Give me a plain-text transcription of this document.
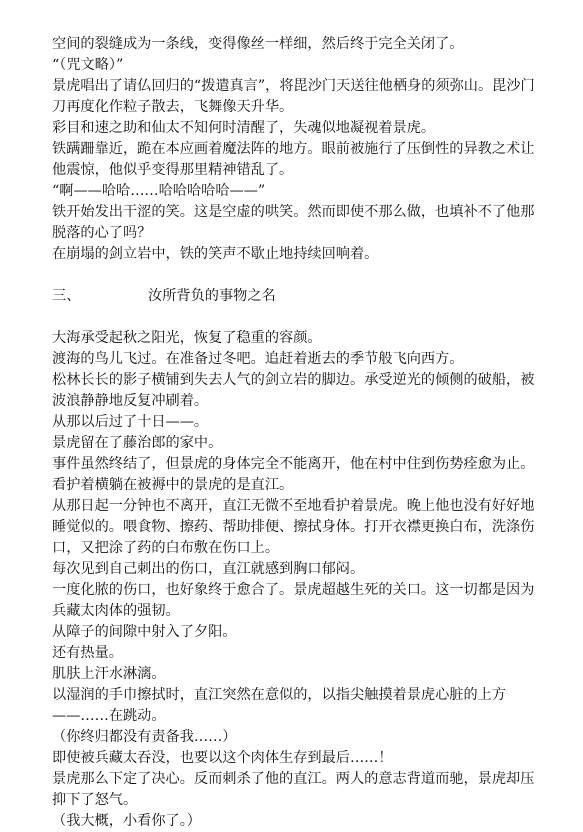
空间的裂缝成为一条线，变得像丝一样细，然后终于完全关闭了。

“（咒文略）”

景虎唱出了请仏回归的“拨遣真言”，将毘沙门天送往他栖身的须弥山。毘沙门刀再度化作粒子散去，飞舞像天升华。

彩目和速之助和仙太不知何时清醒了，失魂似地凝视着景虎。

铁蹒跚靠近，跪在本应画着魔法阵的地方。眼前被施行了压倒性的异教之术让他震惊，他似乎变得那里精神错乱了。

“啊——哈哈……哈哈哈哈哈——”

铁开始发出干涩的笑。这是空虚的哄笑。然而即使不那么做，也填补不了他那脱落的心了吗？

在崩塌的剑立岩中，铁的笑声不歇止地持续回响着。

三、	汝所背负的事物之名

大海承受起秋之阳光，恢复了稳重的容颜。

渡海的鸟儿飞过。在准备过冬吧。追赶着逝去的季节般飞向西方。

松林长长的影子横铺到失去人气的剑立岩的脚边。承受逆光的倾侧的破船，被波浪静静地反复冲刷着。

从那以后过了十日——。

景虎留在了藤治郎的家中。

事件虽然终结了，但景虎的身体完全不能离开，他在村中住到伤势痊愈为止。

看护着横躺在被褥中的景虎的是直江。

从那日起一分钟也不离开，直江无微不至地看护着景虎。晚上他也没有好好地睡觉似的。喂食物、擦药、帮助排便、擦拭身体。打开衣襟更换白布，洗涤伤口，又把涂了药的白布敷在伤口上。

每次见到自己刺出的伤口，直江就感到胸口郁闷。

一度化脓的伤口，也好象终于愈合了。景虎超越生死的关口。这一切都是因为兵藏太肉体的强韧。

从障子的间隙中射入了夕阳。

还有热量。

肌肤上汗水淋漓。

以湿润的手巾擦拭时，直江突然在意似的，以指尖触摸着景虎心脏的上方——……在跳动。

（你终归都没有责备我……）

即使被兵藏太吞没，也要以这个肉体生存到最后……！

景虎那么下定了决心。反而刺杀了他的直江。两人的意志背道而驰，景虎却压抑下了怒气。

（我大概，小看你了。）
